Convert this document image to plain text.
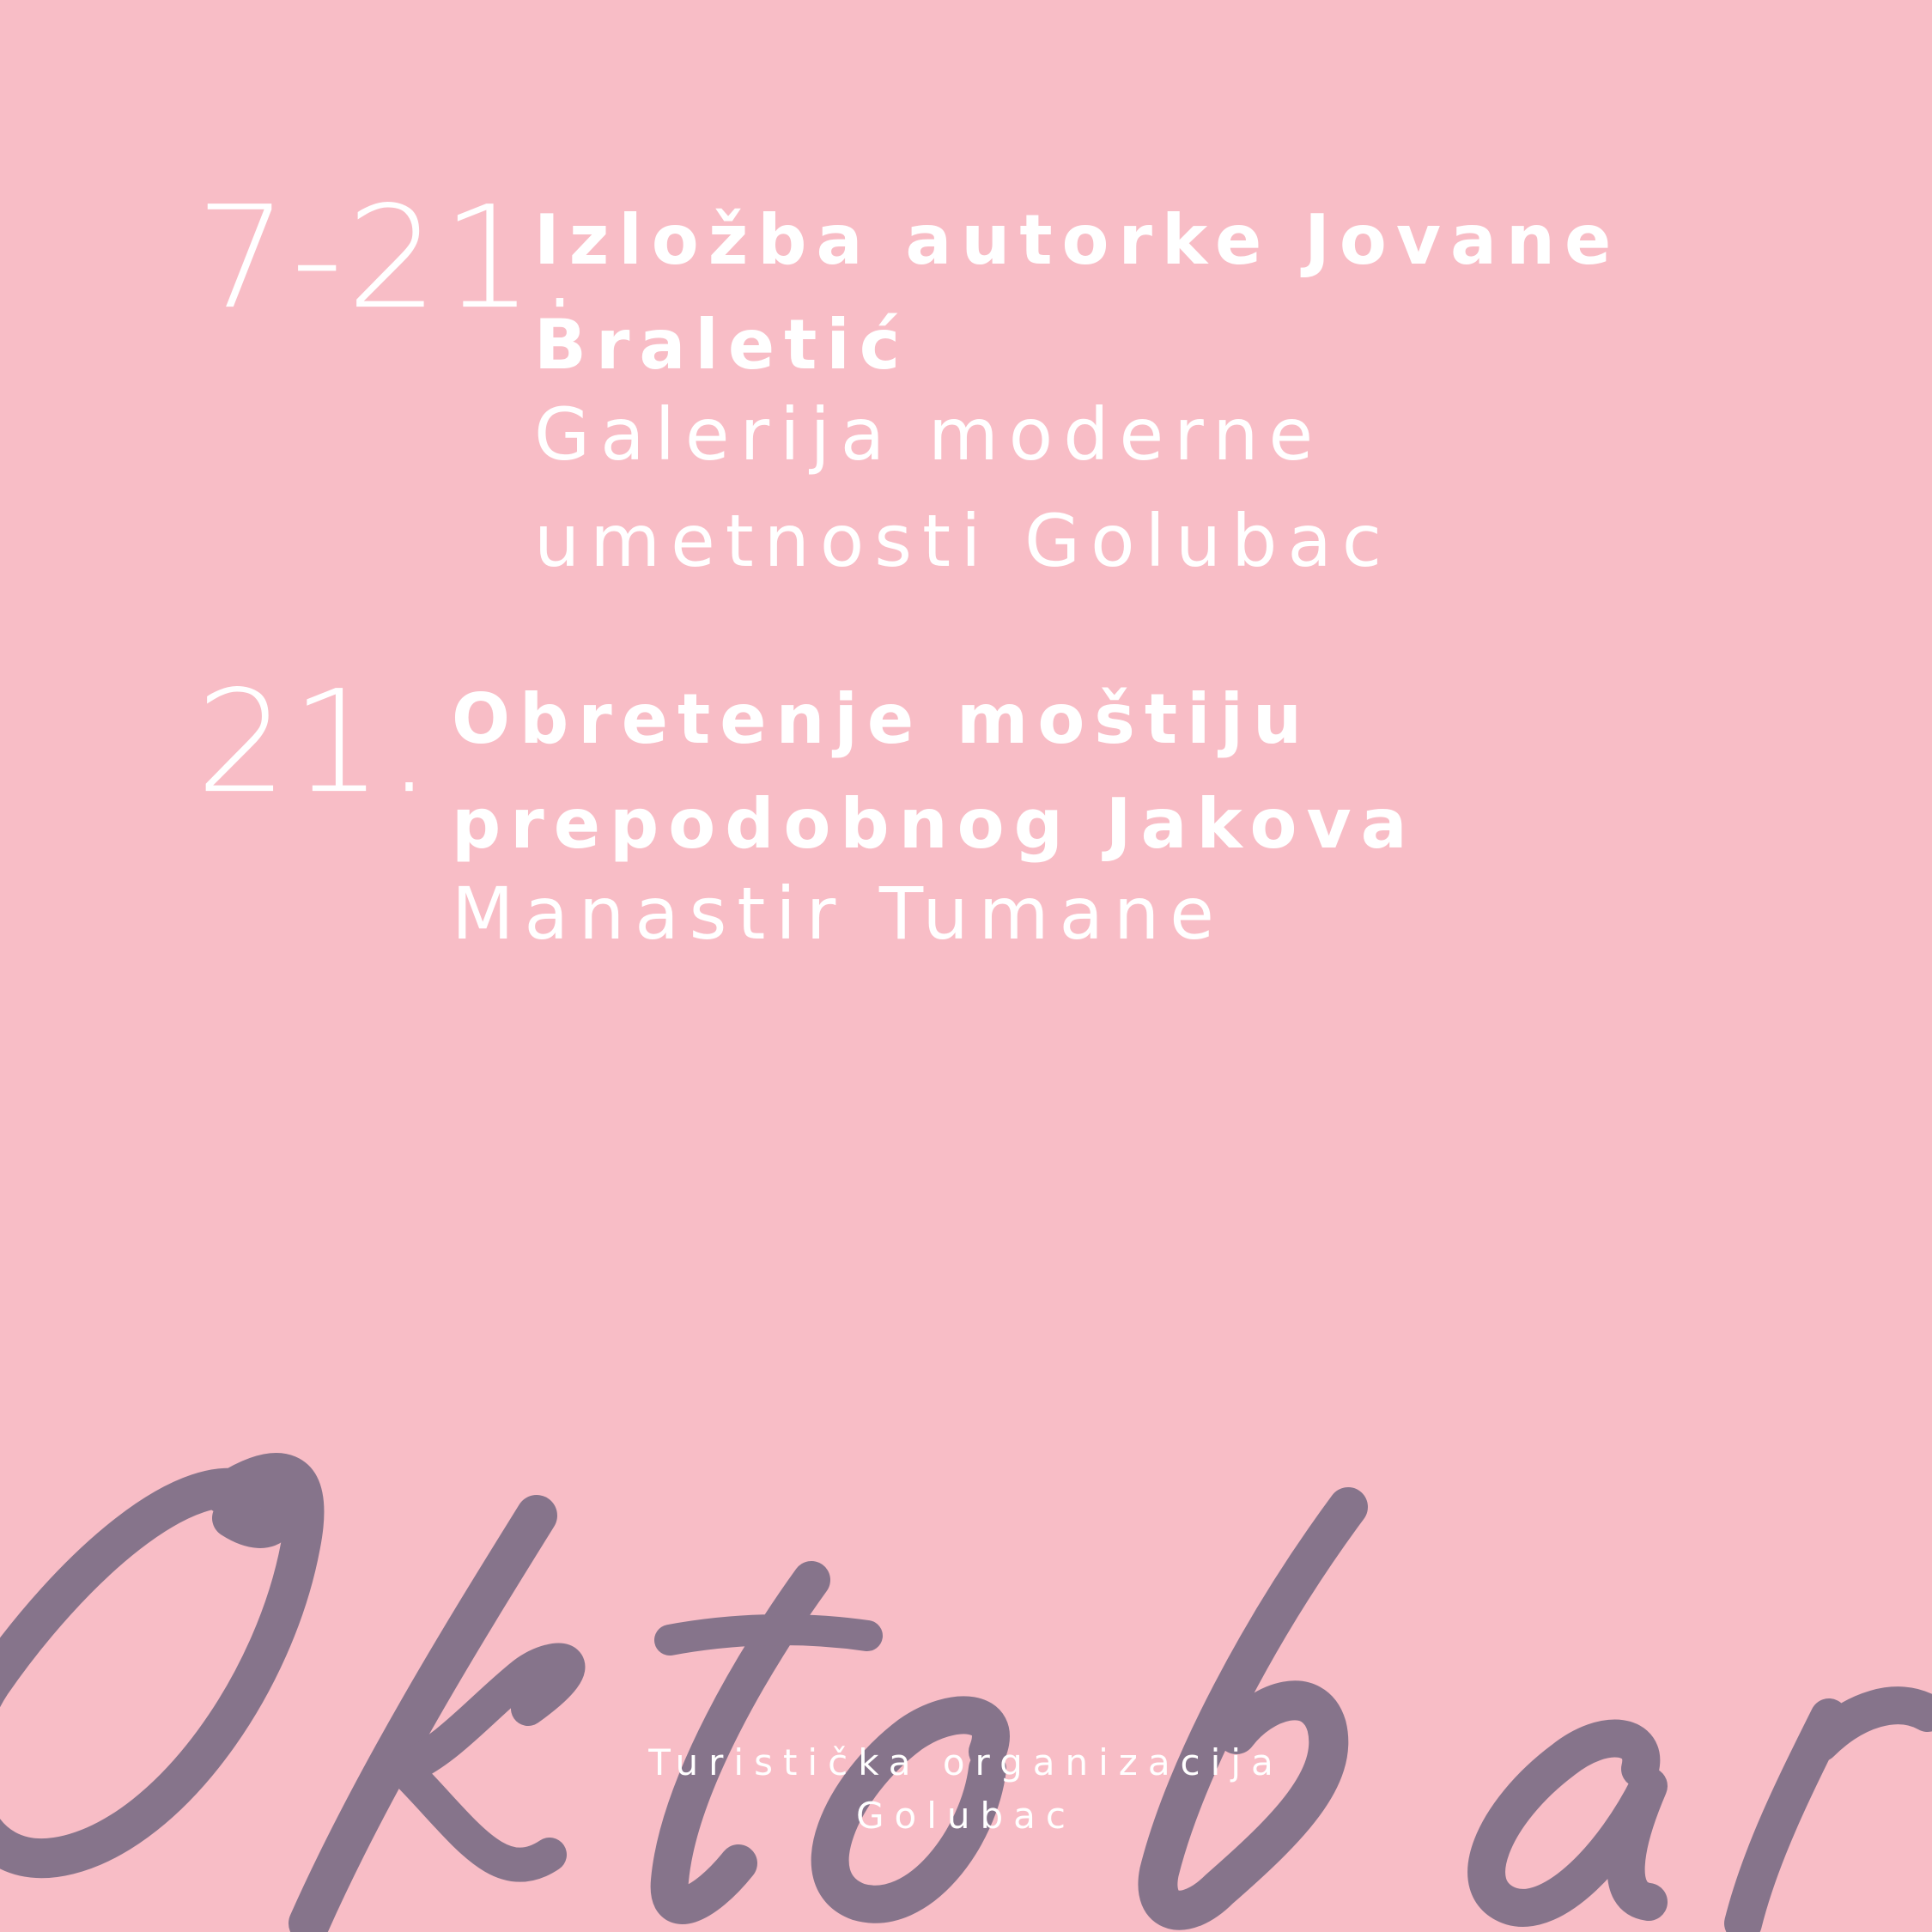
7-21.
Izložba autorke Jovane
Braletić
Galerija moderne
umetnosti Golubac
21. Obretenje moštiju
prepodobnog Jakova
Manastir Tumane
Turistička organizacija
Golubac
